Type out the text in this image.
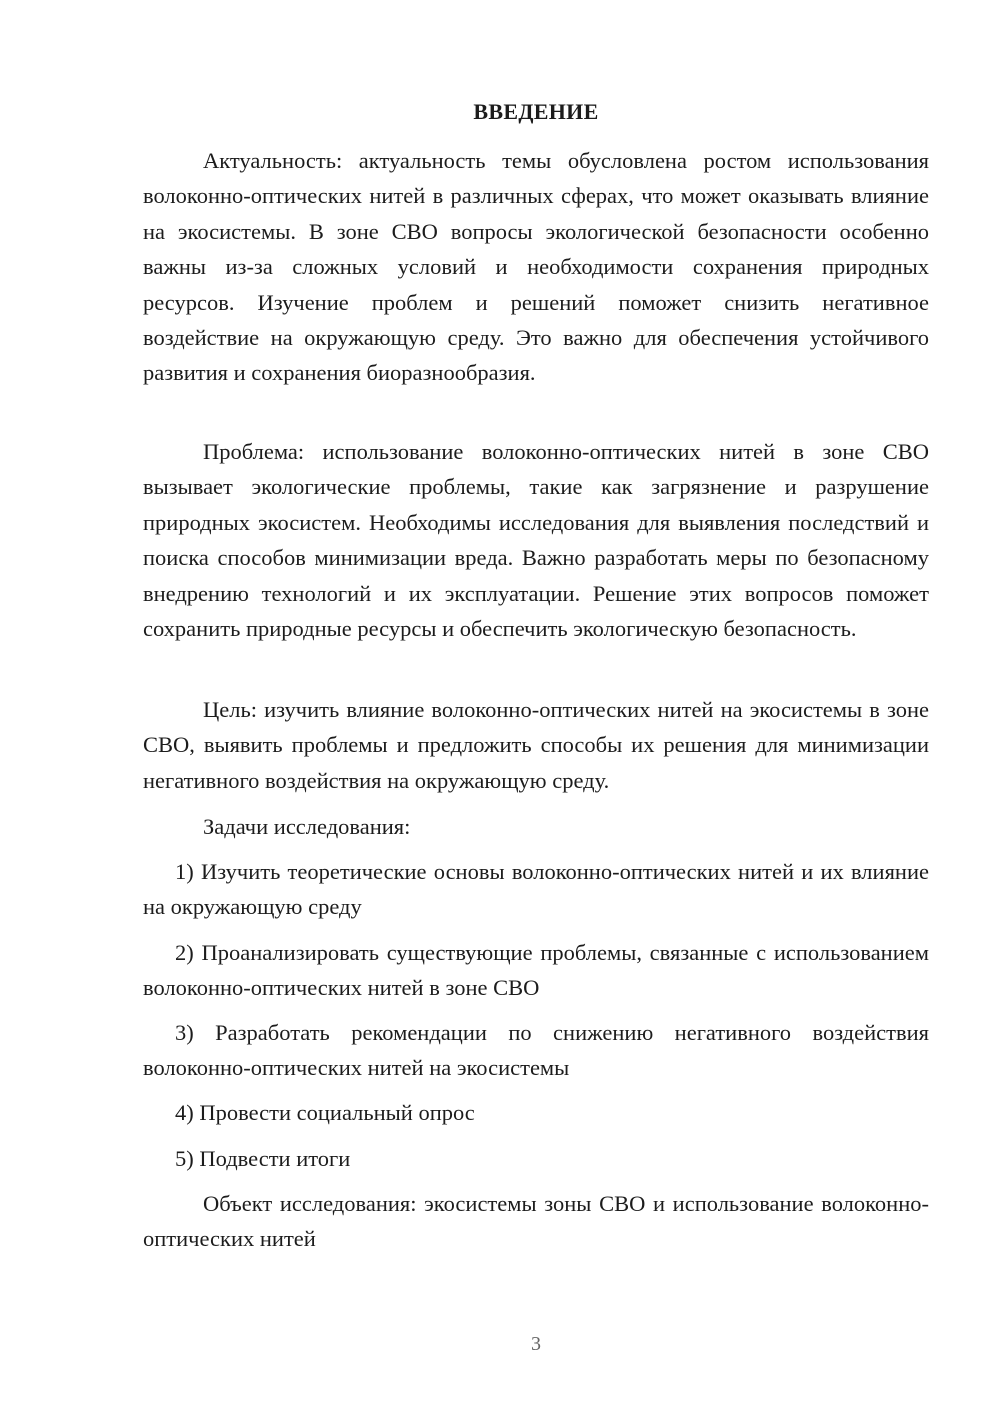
ВВЕДЕНИЕ

Актуальность: актуальность темы обусловлена ростом использования волоконно-оптических нитей в различных сферах, что может оказывать влияние на экосистемы. В зоне СВО вопросы экологической безопасности особенно важны из-за сложных условий и необходимости сохранения природных ресурсов. Изучение проблем и решений поможет снизить негативное воздействие на окружающую среду. Это важно для обеспечения устойчивого развития и сохранения биоразнообразия.

Проблема: использование волоконно-оптических нитей в зоне СВО вызывает экологические проблемы, такие как загрязнение и разрушение природных экосистем. Необходимы исследования для выявления последствий и поиска способов минимизации вреда. Важно разработать меры по безопасному внедрению технологий и их эксплуатации. Решение этих вопросов поможет сохранить природные ресурсы и обеспечить экологическую безопасность.

Цель: изучить влияние волоконно-оптических нитей на экосистемы в зоне СВО, выявить проблемы и предложить способы их решения для минимизации негативного воздействия на окружающую среду.

Задачи исследования:

1) Изучить теоретические основы волоконно-оптических нитей и их влияние на окружающую среду

2) Проанализировать существующие проблемы, связанные с использованием волоконно-оптических нитей в зоне СВО

3) Разработать рекомендации по снижению негативного воздействия волоконно-оптических нитей на экосистемы

4) Провести социальный опрос

5) Подвести итоги

Объект исследования: экосистемы зоны СВО и использование волоконно-оптических нитей

3
